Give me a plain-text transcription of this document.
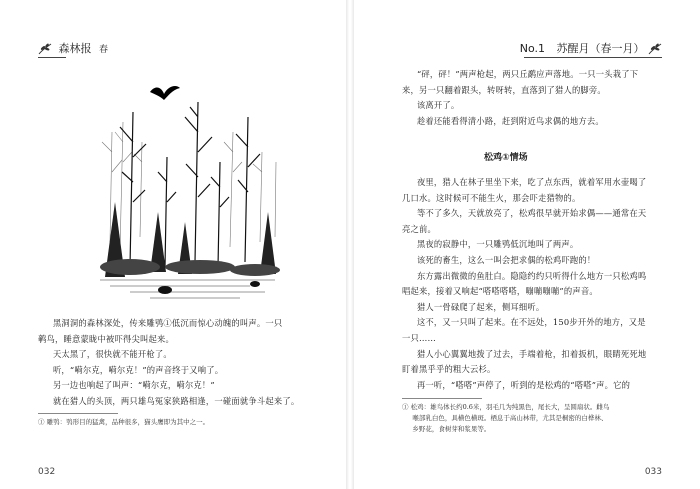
森林报 春

黑洞洞的森林深处，传来雕鸮①低沉而惊心动魄的叫声。一只

鹌鸟，睡意蒙眬中被吓得尖叫起来。

天太黑了，很快就不能开枪了。

听，“嗬尔克，嗬尔克！”的声音终于又响了。

另一边也响起了叫声：“嗬尔克，嗬尔克！”

就在猎人的头顶，两只雄鸟冤家狭路相逢，一碰面就争斗起来了。

① 雕鸮：鸮形目的猛禽，品种很多，猫头鹰即为其中之一。

032
No.1 苏醒月（春一月）

“砰，砰！”两声枪起，两只丘鹬应声落地。一只一头栽了下

来，另一只翻着跟头，转呀转，直落到了猎人的脚旁。

该离开了。

趁着还能看得清小路，赶到附近鸟求偶的地方去。

松鸡①情场

夜里，猎人在林子里坐下来，吃了点东西，就着军用水壶喝了

几口水。这时候可不能生火，那会吓走猎物的。

等不了多久，天就放亮了，松鸡很早就开始求偶——通常在天

亮之前。

黑夜的寂静中，一只雕鸮低沉地叫了两声。

该死的畜生，这么一叫会把求偶的松鸡吓跑的！

东方露出微微的鱼肚白。隐隐约约只听得什么地方一只松鸡鸣

唱起来，接着又响起“嗒嗒嗒嗒，嘣嘣嘣嘣”的声音。

猎人一骨碌爬了起来，侧耳细听。

这不，又一只叫了起来。在不远处，150步开外的地方，又是

一只……

猎人小心翼翼地拨了过去，手端着枪，扣着扳机，眼睛死死地

盯着黑乎乎的粗大云杉。

再一听，“嗒嗒”声停了，听到的是松鸡的“嗒嗒”声。它的

① 松鸡：雄鸟体长约0.6米，羽毛几为纯黑色，尾长大，呈圆扇状。雌鸟

喉部乳白色，具横色横斑。栖息于高山林带，尤其是桐密的白桦林、

乡野花，食树芽和浆果等。

033
